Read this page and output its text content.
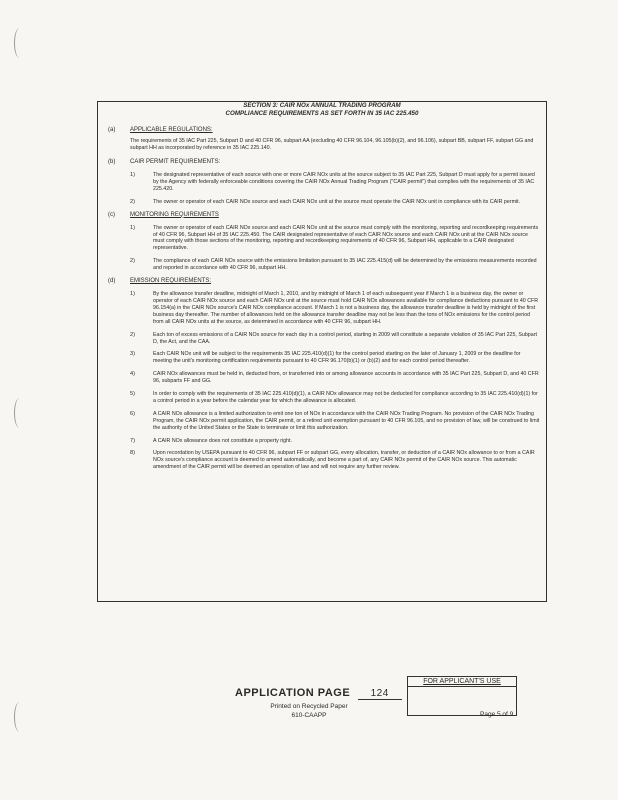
SECTION 3: CAIR NOx ANNUAL TRADING PROGRAM
COMPLIANCE REQUIREMENTS AS SET FORTH IN 35 IAC 225.450
(a) APPLICABLE REGULATIONS:
The requirements of 35 IAC Part 225, Subpart D and 40 CFR 96, subpart AA (excluding 40 CFR 96.104, 96.105(b)(2), and 96.106), subpart BB, subpart FF, subpart GG and subpart HH as incorporated by reference in 35 IAC 225.140.
(b) CAIR PERMIT REQUIREMENTS:
1)	The designated representative of each source with one or more CAIR NOx units at the source subject to 35 IAC Part 225, Subpart D must apply for a permit issued by the Agency with federally enforceable conditions covering the CAIR NOx Annual Trading Program ("CAIR permit") that complies with the requirements of 35 IAC 225.420.
2)	The owner or operator of each CAIR NOx source and each CAIR NOx unit at the source must operate the CAIR NOx unit in compliance with its CAIR permit.
(c)	MONITORING REQUIREMENTS
1)	The owner or operator of each CAIR NOx source and each CAIR NOx unit at the source must comply with the monitoring, reporting and recordkeeping requirements of 40 CFR 96, Subpart HH of 35 IAC 225.450. The CAIR designated representative of each CAIR NOx source and each CAIR NOx unit at the CAIR NOx source must comply with those sections of the monitoring, reporting and recordkeeping requirements of 40 CFR 96, Subpart HH, applicable to a CAIR designated representative.
2)	The compliance of each CAIR NOx source with the emissions limitation pursuant to 35 IAC 225.415(d) will be determined by the emissions measurements recorded and reported in accordance with 40 CFR 96, subpart HH.
(d) EMISSION REQUIREMENTS:
1)	By the allowance transfer deadline, midnight of March 1, 2010, and by midnight of March 1 of each subsequent year if March 1 is a business day, the owner or operator of each CAIR NOx source and each CAIR NOx unit at the source must hold CAIR NOx allowances available for compliance deductions pursuant to 40 CFR 96.154(a) in the CAIR NOx source's CAIR NOx compliance account. If March 1 is not a business day, the allowance transfer deadline is held by midnight of the first business day thereafter. The number of allowances held on the allowance transfer deadline may not be less than the tons of NOx emissions for the control period from all CAIR NOx units at the source, as determined in accordance with 40 CFR 96, subpart HH.
2)	Each ton of excess emissions of a CAIR NOx source for each day in a control period, starting in 2009 will constitute a separate violation of 35 IAC Part 225, Subpart D, the Act, and the CAA.
3)	Each CAIR NOx unit will be subject to the requirements 35 IAC 225.410(d)(1) for the control period starting on the later of January 1, 2009 or the deadline for meeting the unit's monitoring certification requirements pursuant to 40 CFR 96.170(b)(1) or (b)(2) and for each control period thereafter.
4)	CAIR NOx allowances must be held in, deducted from, or transferred into or among allowance accounts in accordance with 35 IAC Part 225, Subpart D, and 40 CFR 96, subparts FF and GG.
5)	In order to comply with the requirements of 35 IAC 225.410(d)(1), a CAIR NOx allowance may not be deducted for compliance according to 35 IAC 225.410(d)(1) for a control period in a year before the calendar year for which the allowance is allocated.
6)	A CAIR NOx allowance is a limited authorization to emit one ton of NOx in accordance with the CAIR NOx Trading Program. No provision of the CAIR NOx Trading Program, the CAIR NOx permit application, the CAIR permit, or a retired unit exemption pursuant to 40 CFR 96.105, and no provision of law, will be construed to limit the authority of the United States or the State to terminate or limit this authorization.
7)	A CAIR NOx allowance does not constitute a property right.
8)	Upon recordation by USEPA pursuant to 40 CFR 96, subpart FF or subpart GG, every allocation, transfer, or deduction of a CAIR NOx allowance to or from a CAIR NOx source's compliance account is deemed to amend automatically, and become a part of, any CAIR NOx permit of the CAIR NOx source. This automatic amendment of the CAIR permit will be deemed an operation of law and will not require any further review.
FOR APPLICANT'S USE
APPLICATION PAGE 124
Printed on Recycled Paper
610-CAAPP	Page 5 of 9
